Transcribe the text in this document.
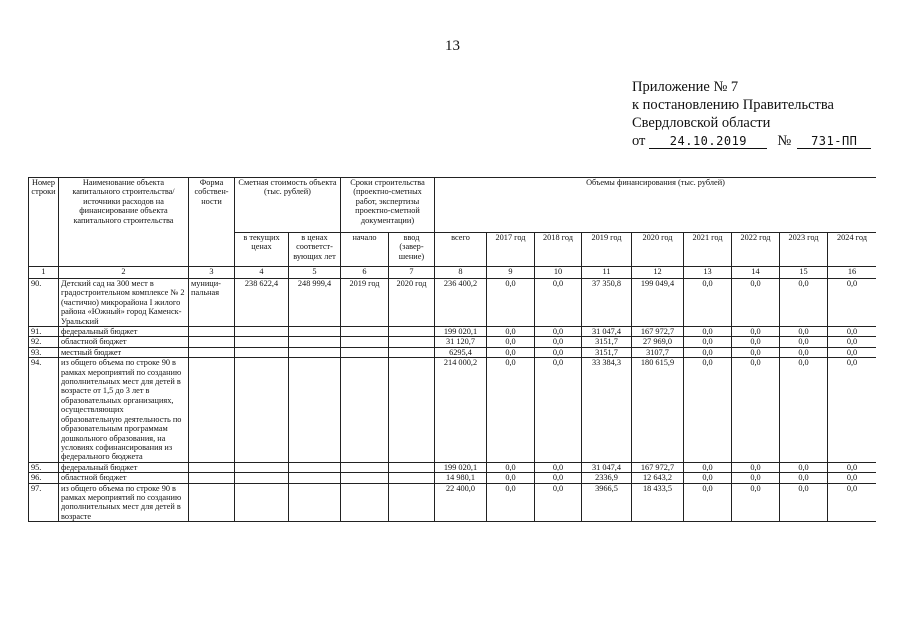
13
Приложение № 7
к постановлению Правительства
Свердловской области
от	24.10.2019	№	731-ПП
Номер строки	Наименование объекта капитального строительства/ источники расходов на финансирование объекта капитального строительства	Форма собствен-ности	Сметная стоимость объекта (тыс. рублей)		Сроки строительства (проектно-сметных работ, экспертизы проектно-сметной документации)		Объемы финансирования (тыс. рублей)								
			в текущих ценах	в ценах соответст-вующих лет	начало	ввод (завер-шение)	всего	2017 год	2018 год	2019 год	2020 год	2021 год	2022 год	2023 год	2024 год
1	2	3	4	5	6	7	8	9	10	11	12	13	14	15	16
90.	Детский сад на 300 мест в градостроительном комплексе № 2 (частично) микрорайона I жилого района «Южный» город Каменск-Уральский	муници-пальная	238 622,4	248 999,4	2019 год	2020 год	236 400,2	0,0	0,0	37 350,8	199 049,4	0,0	0,0	0,0	0,0
91.	федеральный бюджет						199 020,1	0,0	0,0	31 047,4	167 972,7	0,0	0,0	0,0	0,0
92.	областной бюджет						31 120,7	0,0	0,0	3151,7	27 969,0	0,0	0,0	0,0	0,0
93.	местный бюджет						6295,4	0,0	0,0	3151,7	3107,7	0,0	0,0	0,0	0,0
94.	из общего объема по строке 90 в рамках мероприятий по созданию дополнительных мест для детей в возрасте от 1,5 до 3 лет в образовательных организациях, осуществляющих образовательную деятельность по образовательным программам дошкольного образования, на условиях софинансирования из федерального бюджета						214 000,2	0,0	0,0	33 384,3	180 615,9	0,0	0,0	0,0	0,0
95.	федеральный бюджет						199 020,1	0,0	0,0	31 047,4	167 972,7	0,0	0,0	0,0	0,0
96.	областной бюджет						14 980,1	0,0	0,0	2336,9	12 643,2	0,0	0,0	0,0	0,0
97.	из общего объема по строке 90 в рамках мероприятий по созданию дополнительных мест для детей в возрасте						22 400,0	0,0	0,0	3966,5	18 433,5	0,0	0,0	0,0	0,0
